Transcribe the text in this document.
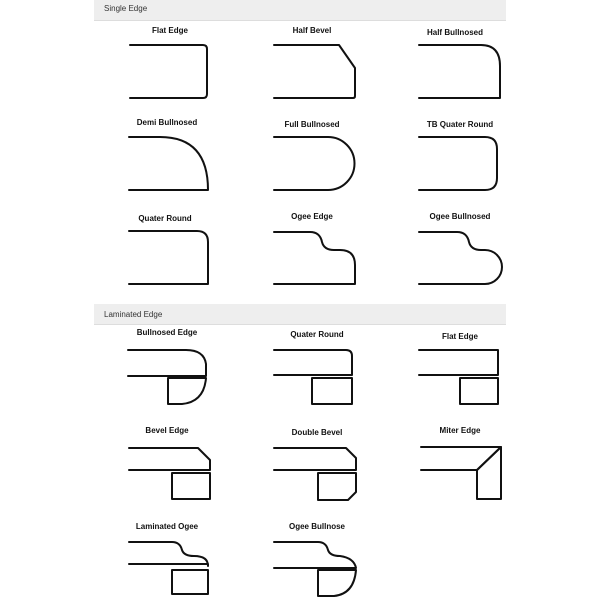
Single Edge
Flat Edge	Half Bevel	Half Bullnosed
Demi Bullnosed	Full Bullnosed	TB Quater Round
Quater Round	Ogee Edge	Ogee Bullnosed
Laminated Edge
Bullnosed Edge	Quater Round	Flat Edge
Bevel Edge	Double Bevel	Miter Edge
Laminated Ogee	Ogee Bullnose
